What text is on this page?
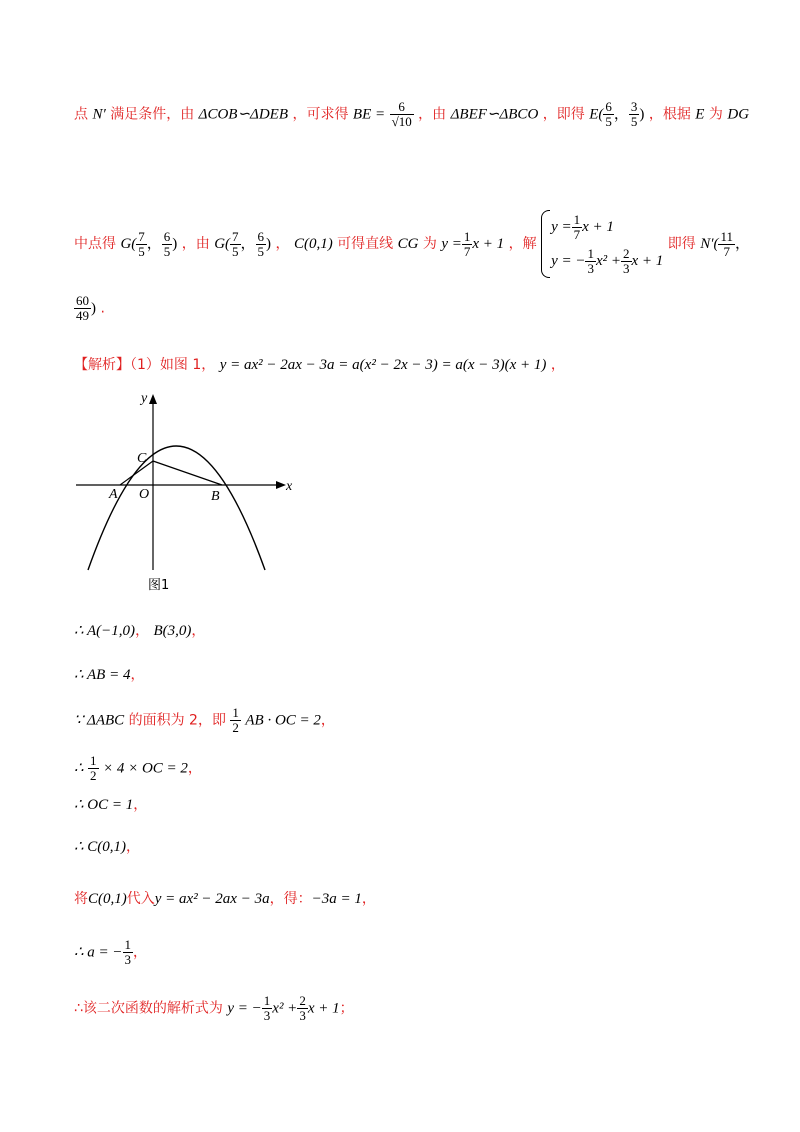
点 N′ 满足条件，由 ΔCOB∽ΔDEB ，可求得 BE = $\frac{6}{√10}$ ，由 ΔBEF∽ΔBCO ，即得 $E( \frac{6}{5}$ ， $\frac{3}{5}$ ) ，根据 E 为 DG
中点得 $G( \frac{7}{5}$ ， $\frac{6}{5}$ ) ，由 $G( \frac{7}{5}$ ， $\frac{6}{5}$ ) ， C(0,1) 可得直线 CG 为 $y = \frac{1}{7}$ x + 1 ，解
$y = \frac{1}{7}$ x + 1
y = − $\frac{1}{3} x^2 + \frac{2}{3}$ x + 1
即得 $N'( \frac{11}{7}$ ，
$\frac{60}{49}$ ) .
【解析】（1）如图 1， y = ax² − 2ax − 3a = a(x² − 2x − 3) = a(x − 3)(x + 1) ，
y
x
C
A O	B
图1
∴ A(−1,0)， B(3,0)，
∴ AB = 4，
∵ ΔABC 的面积为 2，即 $\frac{1}{2}$ AB · OC = 2，
∴ $\frac{1}{2} \times 4$ × OC = 2，
∴ OC = 1，
∴ C(0,1)，
将C(0,1)代入y = ax² − 2ax − 3a，得：−3a = 1，
∴ a = − $\frac{1}{3}$ ，
∴该二次函数的解析式为 y = − $\frac{1}{3} x^2 + \frac{2}{3}$ x + 1；
